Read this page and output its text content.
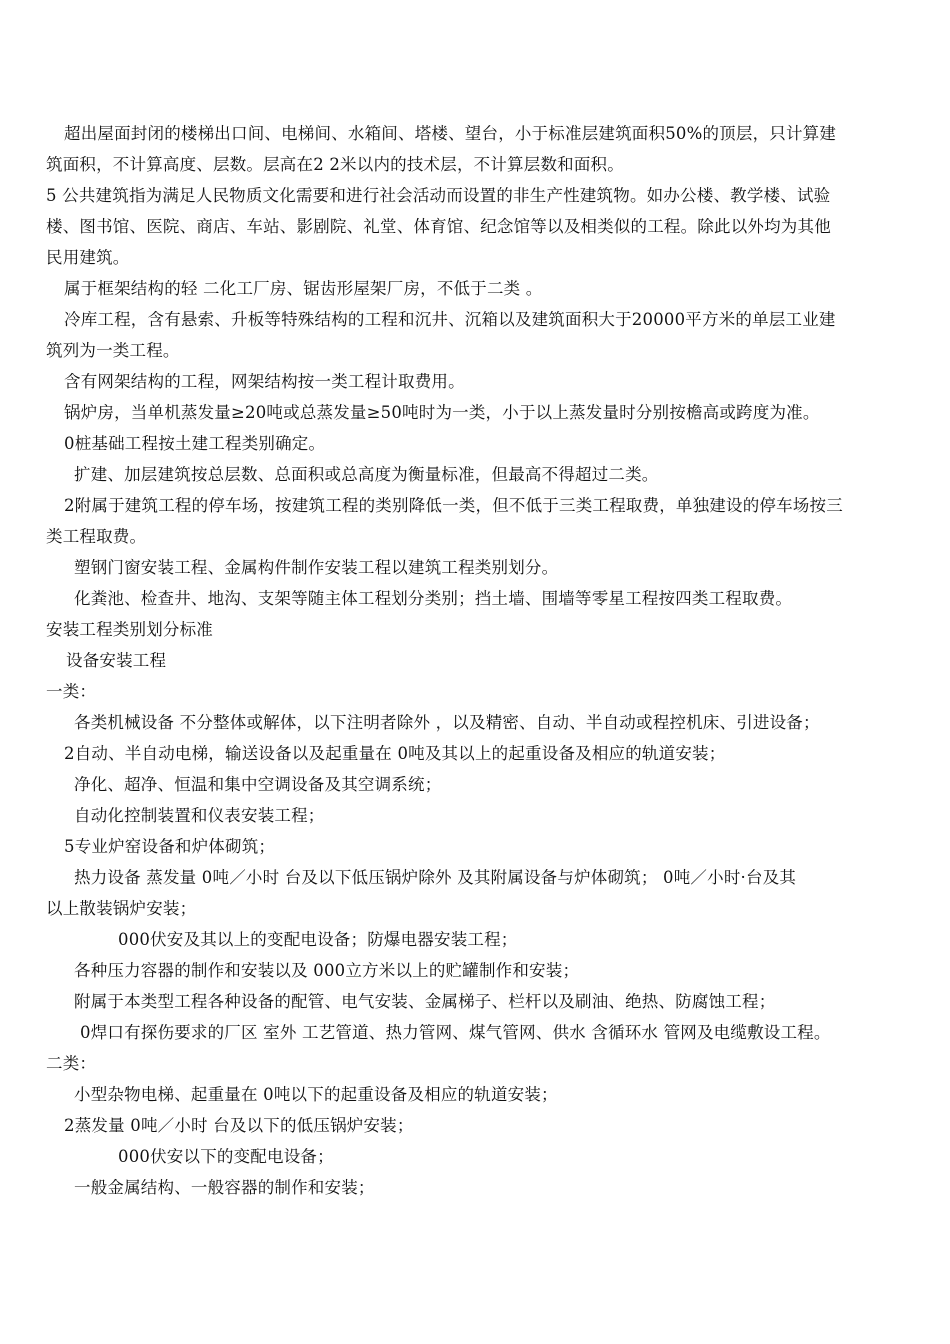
超出屋面封闭的楼梯出口间、电梯间、水箱间、塔楼、望台，小于标准层建筑面积50%的顶层，只计算建
筑面积，不计算高度、层数。层高在2 2米以内的技术层，不计算层数和面积。
5 公共建筑指为满足人民物质文化需要和进行社会活动而设置的非生产性建筑物。如办公楼、教学楼、试验
楼、图书馆、医院、商店、车站、影剧院、礼堂、体育馆、纪念馆等以及相类似的工程。除此以外均为其他
民用建筑。
属于框架结构的轻 二化工厂房、锯齿形屋架厂房，不低于二类 。
冷库工程，含有悬索、升板等特殊结构的工程和沉井、沉箱以及建筑面积大于20000平方米的单层工业建
筑列为一类工程。
含有网架结构的工程，网架结构按一类工程计取费用。
锅炉房，当单机蒸发量≥20吨或总蒸发量≥50吨时为一类，小于以上蒸发量时分别按檐高或跨度为准。
0桩基础工程按土建工程类别确定。
扩建、加层建筑按总层数、总面积或总高度为衡量标准，但最高不得超过二类。
2附属于建筑工程的停车场，按建筑工程的类别降低一类，但不低于三类工程取费，单独建设的停车场按三
类工程取费。
塑钢门窗安装工程、金属构件制作安装工程以建筑工程类别划分。
化粪池、检查井、地沟、支架等随主体工程划分类别；挡土墙、围墙等零星工程按四类工程取费。
安装工程类别划分标准
设备安装工程
一类：
各类机械设备 不分整体或解体，以下注明者除外 ，以及精密、自动、半自动或程控机床、引进设备；
2自动、半自动电梯，输送设备以及起重量在 0吨及其以上的起重设备及相应的轨道安装；
净化、超净、恒温和集中空调设备及其空调系统；
自动化控制装置和仪表安装工程；
5专业炉窑设备和炉体砌筑；
热力设备 蒸发量 0吨／小时 台及以下低压锅炉除外 及其附属设备与炉体砌筑； 0吨／小时·台及其
以上散装锅炉安装；
000伏安及其以上的变配电设备；防爆电器安装工程；
各种压力容器的制作和安装以及 000立方米以上的贮罐制作和安装；
附属于本类型工程各种设备的配管、电气安装、金属梯子、栏杆以及刷油、绝热、防腐蚀工程；
0焊口有探伤要求的厂区 室外 工艺管道、热力管网、煤气管网、供水 含循环水 管网及电缆敷设工程。
二类：
小型杂物电梯、起重量在 0吨以下的起重设备及相应的轨道安装；
2蒸发量 0吨／小时 台及以下的低压锅炉安装；
000伏安以下的变配电设备；
一般金属结构、一般容器的制作和安装；
